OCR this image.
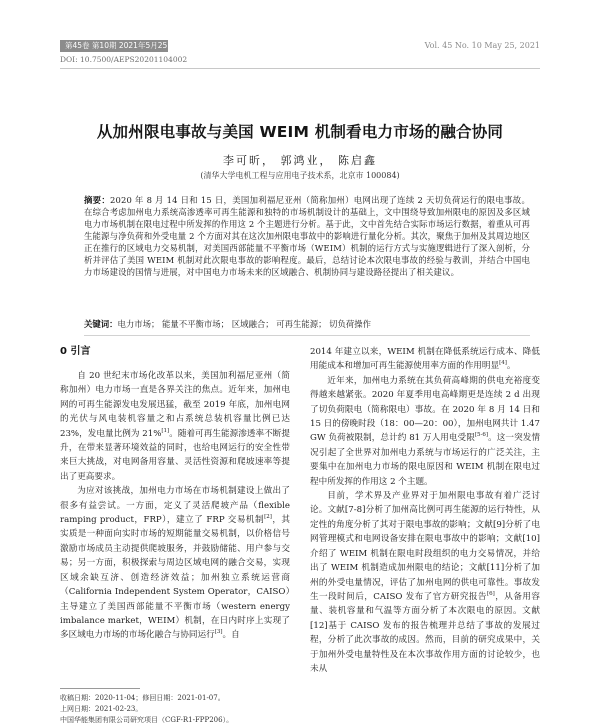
第45卷 第10期 2021年5月25日	Vol. 45 No. 10 May 25, 2021
DOI: 10.7500/AEPS20201104002
从加州限电事故与美国 WEIM 机制看电力市场的融合协同
李可昕， 郭鸿业， 陈启鑫
(清华大学电机工程与应用电子技术系，北京市 100084)
摘要：2020 年 8 月 14 日和 15 日，美国加利福尼亚州（简称加州）电网出现了连续 2 天切负荷运行的限电事故。在综合考虑加州电力系统高渗透率可再生能源和独特的市场机制设计的基础上，文中围绕导致加州限电的原因及多区域电力市场机制在限电过程中所发挥的作用这 2 个主题进行分析。基于此，文中首先结合实际市场运行数据，着重从可再生能源与净负荷和外受电量 2 个方面对其在这次加州限电事故中的影响进行量化分析。其次，聚焦于加州及其周边地区正在推行的区域电力交易机制，对美国西部能量不平衡市场（WEIM）机制的运行方式与实施逻辑进行了深入剖析，分析并评估了美国 WEIM 机制对此次限电事故的影响程度。最后，总结讨论本次限电事故的经验与教训，并结合中国电力市场建设的国情与进展，对中国电力市场未来的区域融合、机制协同与建设路径提出了相关建议。
关键词：电力市场； 能量不平衡市场； 区域融合； 可再生能源； 切负荷操作
0 引言

自 20 世纪末市场化改革以来，美国加利福尼亚州（简称加州）电力市场一直是各界关注的焦点。近年来，加州电网的可再生能源发电发展迅猛，截至 2019 年底，加州电网的光伏与风电装机容量之和占系统总装机容量比例已达 23%，发电量比例为 21%[1]。随着可再生能源渗透率不断提升，在带来显著环境效益的同时，也给电网运行的安全性带来巨大挑战，对电网备用容量、灵活性资源和爬坡速率等提出了更高要求。

为应对该挑战，加州电力市场在市场机制建设上做出了很多有益尝试。一方面，定义了灵活爬坡产品（flexible ramping product，FRP），建立了 FRP 交易机制[2]，其实质是一种面向实时市场的短期能量交易机制，以价格信号激励市场成员主动提供爬坡服务，并鼓励储能、用户参与交易；另一方面，积极探索与周边区域电网的融合交易，实现区域余缺互济、创造经济效益；加州独立系统运营商（California Independent System Operator，CAISO）主导建立了美国西部能量不平衡市场（western energy imbalance market，WEIM）机制，在日内时序上实现了多区域电力市场的市场化融合与协同运行[3]。自

2014 年建立以来，WEIM 机制在降低系统运行成本、降低用能成本和增加可再生能源使用率方面的作用明显[4]。

近年来，加州电力系统在其负荷高峰期的供电充裕度变得越来越紧张。2020 年夏季用电高峰期更是连续 2 d 出现了切负荷限电（简称限电）事故。在 2020 年 8 月 14 日和 15 日的傍晚时段（18：00—20：00），加州电网共计 1.47 GW 负荷被限制，总计约 81 万人用电受限[5-6]。这一突发情况引起了全世界对加州电力系统与市场运行的广泛关注，主要集中在加州电力市场的限电原因和 WEIM 机制在限电过程中所发挥的作用这 2 个主题。

目前，学术界及产业界对于加州限电事故有着广泛讨论。文献[7-8]分析了加州高比例可再生能源的运行特性，从定性的角度分析了其对于限电事故的影响；文献[9]分析了电网管理模式和电网设备安排在限电事故中的影响；文献[10]介绍了 WEIM 机制在限电时段组织的电力交易情况，并给出了 WEIM 机制造成加州限电的结论；文献[11]分析了加州的外受电量情况，评估了加州电网的供电可靠性。事故发生一段时间后，CAISO 发布了官方研究报告[6]，从备用容量、装机容量和气温等方面分析了本次限电的原因。文献[12]基于 CAISO 发布的报告梳理并总结了事故的发展过程，分析了此次事故的成因。然而，目前的研究成果中，关于加州外受电量特性及在本次事故作用方面的讨论较少，也未从

收稿日期：2020-11-04；修回日期：2021-01-07。
上网日期：2021-02-23。
中国华能集团有限公司研究项目（CGF-R1-FPP206）。
